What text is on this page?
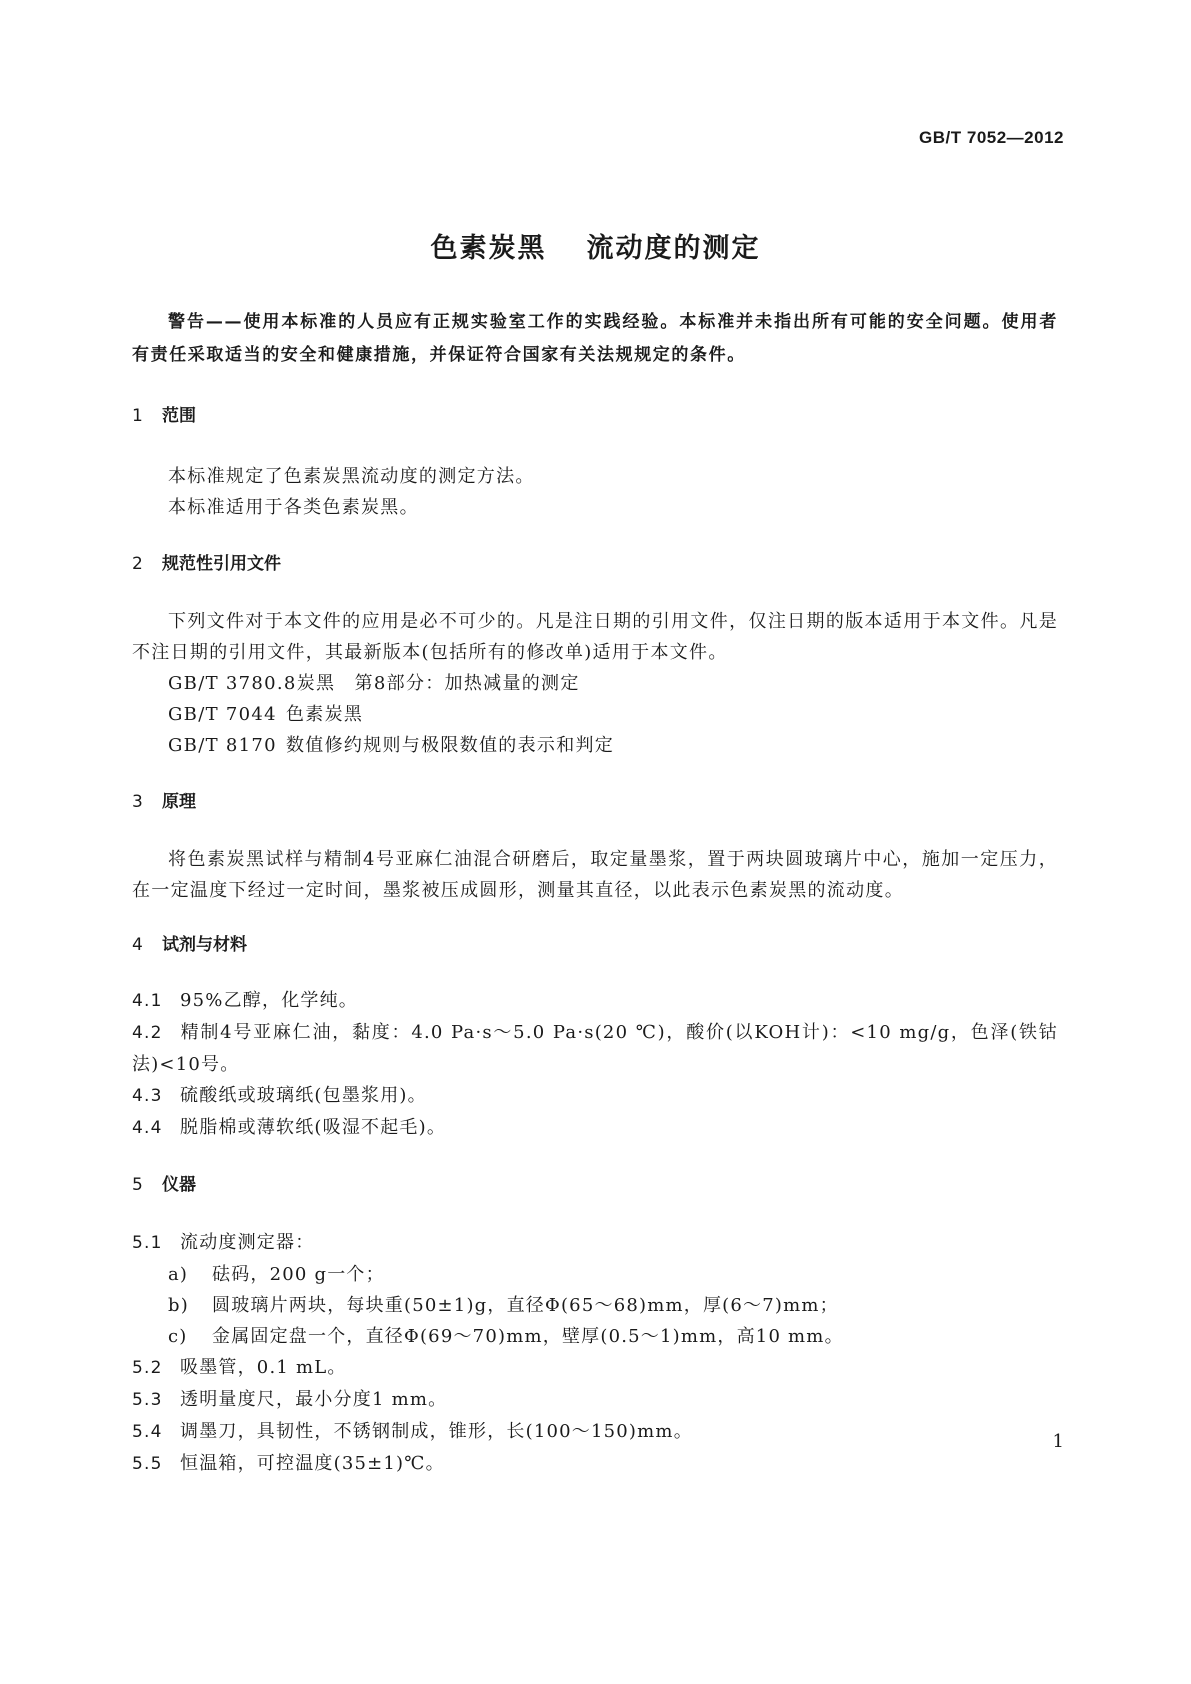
GB/T 7052—2012
色素炭黑 流动度的测定

警告——使用本标准的人员应有正规实验室工作的实践经验。本标准并未指出所有可能的安全问题。使用者有责任采取适当的安全和健康措施，并保证符合国家有关法规规定的条件。

1 范围

本标准规定了色素炭黑流动度的测定方法。

本标准适用于各类色素炭黑。

2 规范性引用文件

下列文件对于本文件的应用是必不可少的。凡是注日期的引用文件，仅注日期的版本适用于本文件。凡是不注日期的引用文件，其最新版本(包括所有的修改单)适用于本文件。

GB/T 3780.8炭黑　第8部分：加热减量的测定

GB/T 7044 色素炭黑

GB/T 8170 数值修约规则与极限数值的表示和判定

3 原理

将色素炭黑试样与精制4号亚麻仁油混合研磨后，取定量墨浆，置于两块圆玻璃片中心，施加一定压力，在一定温度下经过一定时间，墨浆被压成圆形，测量其直径，以此表示色素炭黑的流动度。

4 试剂与材料

4.1 95%乙醇，化学纯。

4.2 精制4号亚麻仁油，黏度：4.0 Pa·s～5.0 Pa·s(20 ℃)，酸价(以KOH计)：<10 mg/g，色泽(铁钴法)<10号。

4.3 硫酸纸或玻璃纸(包墨浆用)。

4.4 脱脂棉或薄软纸(吸湿不起毛)。

5 仪器

5.1 流动度测定器：

a) 砝码，200 g一个；

b) 圆玻璃片两块，每块重(50±1)g，直径Φ(65～68)mm，厚(6～7)mm；

c) 金属固定盘一个，直径Φ(69～70)mm，壁厚(0.5～1)mm，高10 mm。

5.2 吸墨管，0.1 mL。

5.3 透明量度尺，最小分度1 mm。

5.4 调墨刀，具韧性，不锈钢制成，锥形，长(100～150)mm。

5.5 恒温箱，可控温度(35±1)℃。

1
